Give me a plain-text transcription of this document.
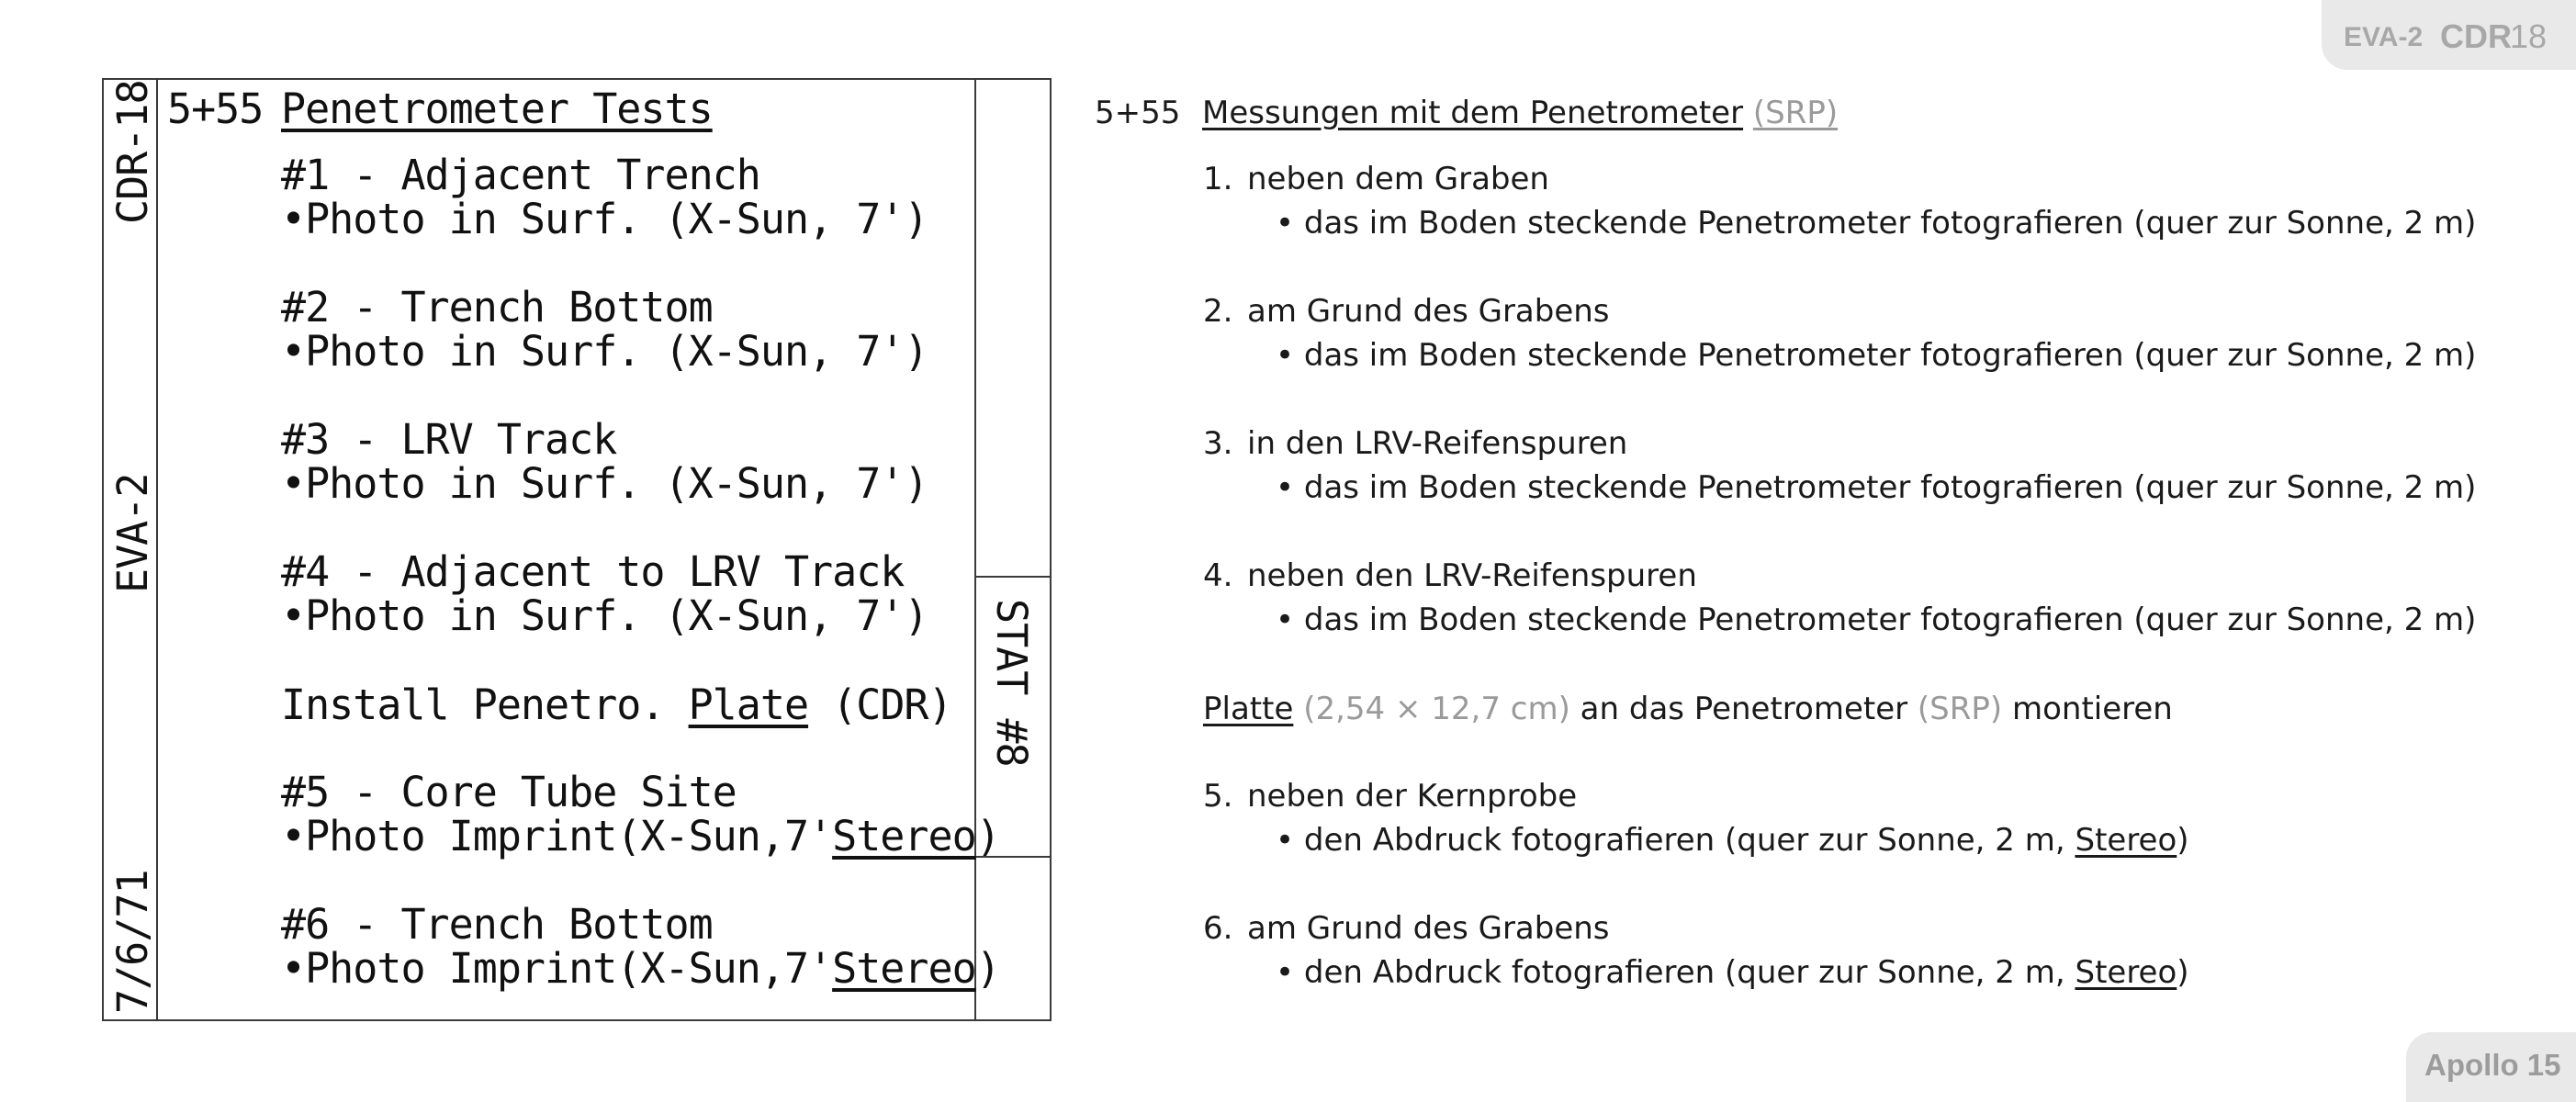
EVA-2 CDR
18
CDR-18
EVA-2
7/6/71
STAT #8
5+55 Penetrometer Tests
#1 - Adjacent Trench
•Photo in Surf. (X-Sun, 7')
#2 - Trench Bottom
•Photo in Surf. (X-Sun, 7')
#3 - LRV Track
•Photo in Surf. (X-Sun, 7')
#4 - Adjacent to LRV Track
•Photo in Surf. (X-Sun, 7')
Install Penetro. Plate (CDR)
#5 - Core Tube Site
•Photo Imprint(X-Sun,7'Stereo)
#6 - Trench Bottom
•Photo Imprint(X-Sun,7'Stereo)
5+55 Messungen mit dem Penetrometer (SRP)
1. neben dem Graben
• das im Boden steckende Penetrometer fotografieren (quer zur Sonne, 2 m)
2. am Grund des Grabens
• das im Boden steckende Penetrometer fotografieren (quer zur Sonne, 2 m)
3. in den LRV-Reifenspuren
• das im Boden steckende Penetrometer fotografieren (quer zur Sonne, 2 m)
4. neben den LRV-Reifenspuren
• das im Boden steckende Penetrometer fotografieren (quer zur Sonne, 2 m)
Platte (2,54 × 12,7 cm) an das Penetrometer (SRP) montieren
5. neben der Kernprobe
• den Abdruck fotografieren (quer zur Sonne, 2 m, Stereo)
6. am Grund des Grabens
• den Abdruck fotografieren (quer zur Sonne, 2 m, Stereo)
Apollo 15
